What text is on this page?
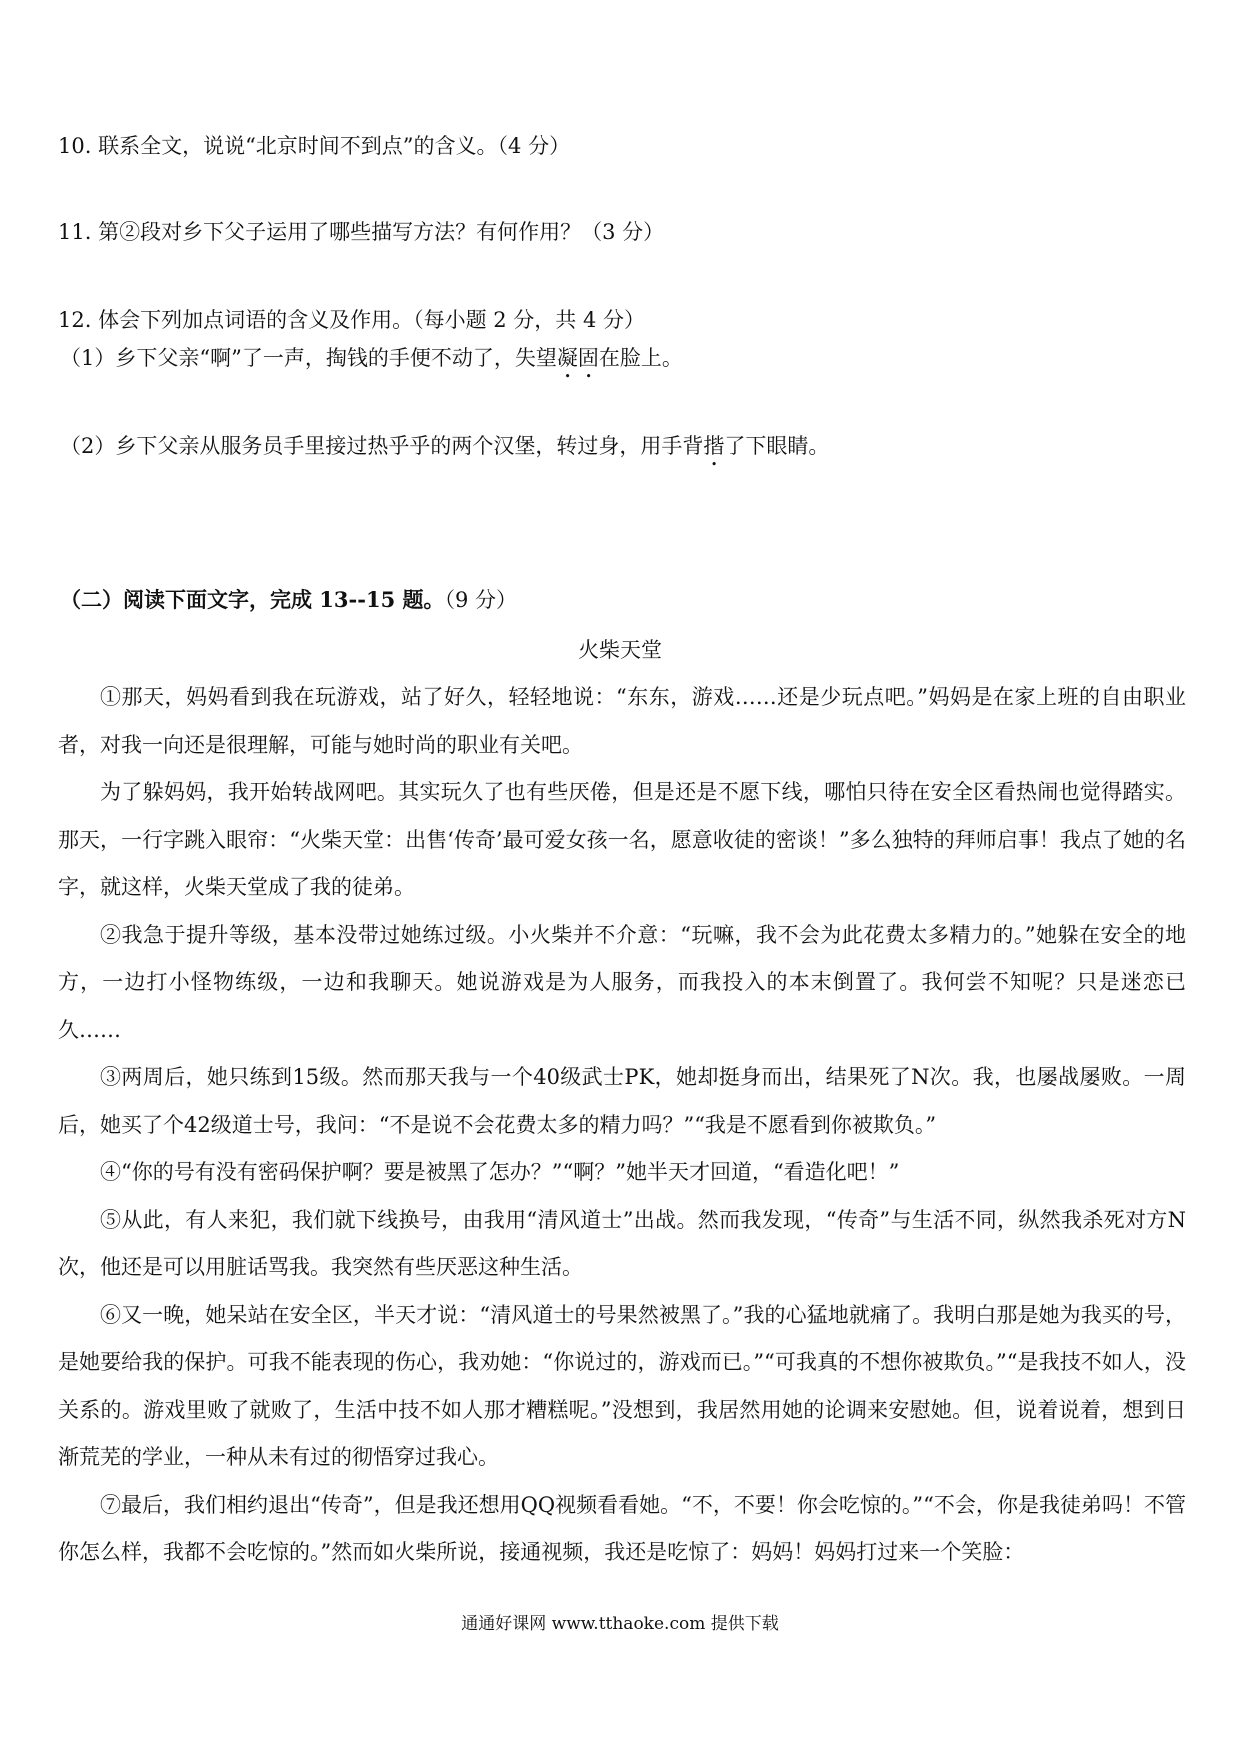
10. 联系全文，说说“北京时间不到点”的含义。（4 分）
11. 第②段对乡下父子运用了哪些描写方法？有何作用？（3 分）
12. 体会下列加点词语的含义及作用。（每小题 2 分，共 4 分）
（1）乡下父亲“啊”了一声，掏钱的手便不动了，失望凝固在脸上。
（2）乡下父亲从服务员手里接过热乎乎的两个汉堡，转过身，用手背揩了下眼睛。
（二）阅读下面文字，完成 13--15 题。（9 分）
火柴天堂

①那天，妈妈看到我在玩游戏，站了好久，轻轻地说：“东东，游戏……还是少玩点吧。”妈妈是在家上班的自由职业者，对我一向还是很理解，可能与她时尚的职业有关吧。

为了躲妈妈，我开始转战网吧。其实玩久了也有些厌倦，但是还是不愿下线，哪怕只待在安全区看热闹也觉得踏实。那天，一行字跳入眼帘：“火柴天堂：出售‘传奇’最可爱女孩一名，愿意收徒的密谈！”多么独特的拜师启事！我点了她的名字，就这样，火柴天堂成了我的徒弟。

②我急于提升等级，基本没带过她练过级。小火柴并不介意：“玩嘛，我不会为此花费太多精力的。”她躲在安全的地方，一边打小怪物练级，一边和我聊天。她说游戏是为人服务，而我投入的本末倒置了。我何尝不知呢？只是迷恋已久……

③两周后，她只练到15级。然而那天我与一个40级武士PK，她却挺身而出，结果死了N次。我，也屡战屡败。一周后，她买了个42级道士号，我问：“不是说不会花费太多的精力吗？”“我是不愿看到你被欺负。”

④“你的号有没有密码保护啊？要是被黑了怎办？”“啊？”她半天才回道，“看造化吧！”

⑤从此，有人来犯，我们就下线换号，由我用“清风道士”出战。然而我发现，“传奇”与生活不同，纵然我杀死对方N次，他还是可以用脏话骂我。我突然有些厌恶这种生活。

⑥又一晚，她呆站在安全区，半天才说：“清风道士的号果然被黑了。”我的心猛地就痛了。我明白那是她为我买的号，是她要给我的保护。可我不能表现的伤心，我劝她：“你说过的，游戏而已。”“可我真的不想你被欺负。”“是我技不如人，没关系的。游戏里败了就败了，生活中技不如人那才糟糕呢。”没想到，我居然用她的论调来安慰她。但，说着说着，想到日渐荒芜的学业，一种从未有过的彻悟穿过我心。

⑦最后，我们相约退出“传奇”，但是我还想用QQ视频看看她。“不，不要！你会吃惊的。”“不会，你是我徒弟吗！不管你怎么样，我都不会吃惊的。”然而如火柴所说，接通视频，我还是吃惊了：妈妈！妈妈打过来一个笑脸：

通通好课网 www.tthaoke.com 提供下载
